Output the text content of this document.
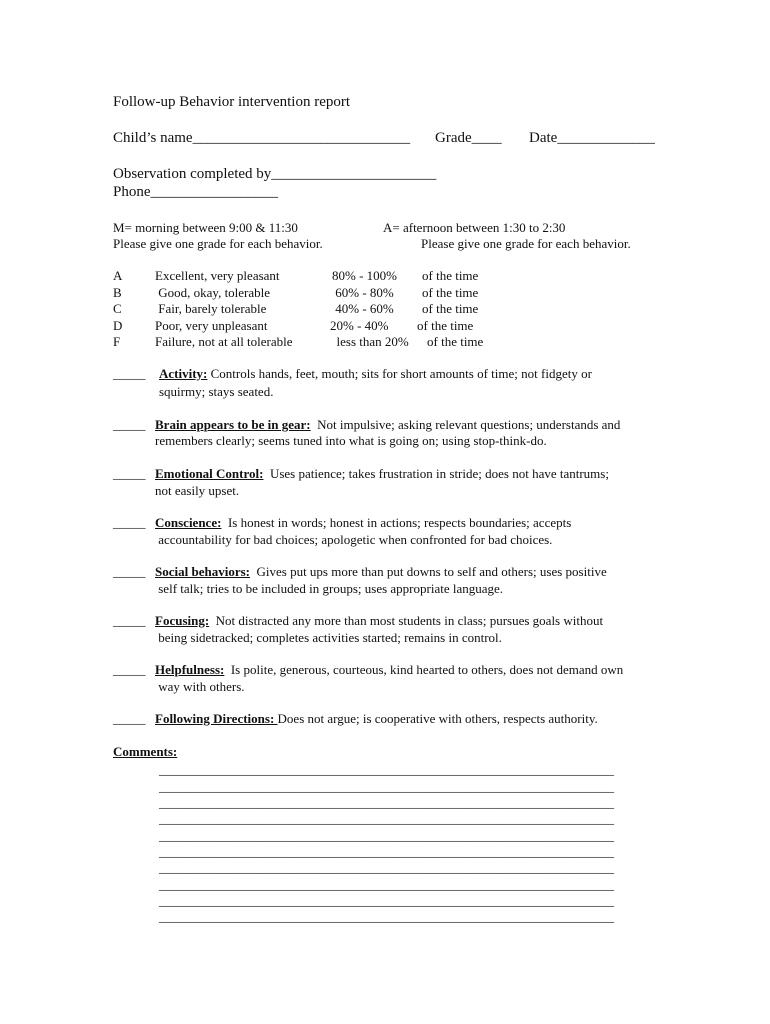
Follow-up Behavior intervention report
Child’s name_____________________________ Grade____ Date_____________
Observation completed by______________________
Phone_________________
M= morning between 9:00 & 11:30	A= afternoon between 1:30 to 2:30
Please give one grade for each behavior.	Please give one grade for each behavior.
A	Excellent, very pleasant	80% - 100% of the time
B	Good, okay, tolerable	60% - 80% of the time
C	Fair, barely tolerable	40% - 60% of the time
D	Poor, very unpleasant	20% - 40% of the time
F	Failure, not at all tolerable	less than 20% of the time
_____ Activity: Controls hands, feet, mouth; sits for short amounts of time; not fidgety or
squirmy; stays seated.
_____ Brain appears to be in gear:  Not impulsive; asking relevant questions; understands and
remembers clearly; seems tuned into what is going on; using stop-think-do.
_____ Emotional Control:  Uses patience; takes frustration in stride; does not have tantrums;
not easily upset.
_____ Conscience:  Is honest in words; honest in actions; respects boundaries; accepts
accountability for bad choices; apologetic when confronted for bad choices.
_____ Social behaviors:  Gives put ups more than put downs to self and others; uses positive
self talk; tries to be included in groups; uses appropriate language.
_____ Focusing:  Not distracted any more than most students in class; pursues goals without
being sidetracked; completes activities started; remains in control.
_____ Helpfulness:  Is polite, generous, courteous, kind hearted to others, does not demand own
way with others.
_____ Following Directions: Does not argue; is cooperative with others, respects authority.
Comments:
______________________________________________________________________
______________________________________________________________________
______________________________________________________________________
______________________________________________________________________
______________________________________________________________________
______________________________________________________________________
______________________________________________________________________
______________________________________________________________________
______________________________________________________________________
______________________________________________________________________
